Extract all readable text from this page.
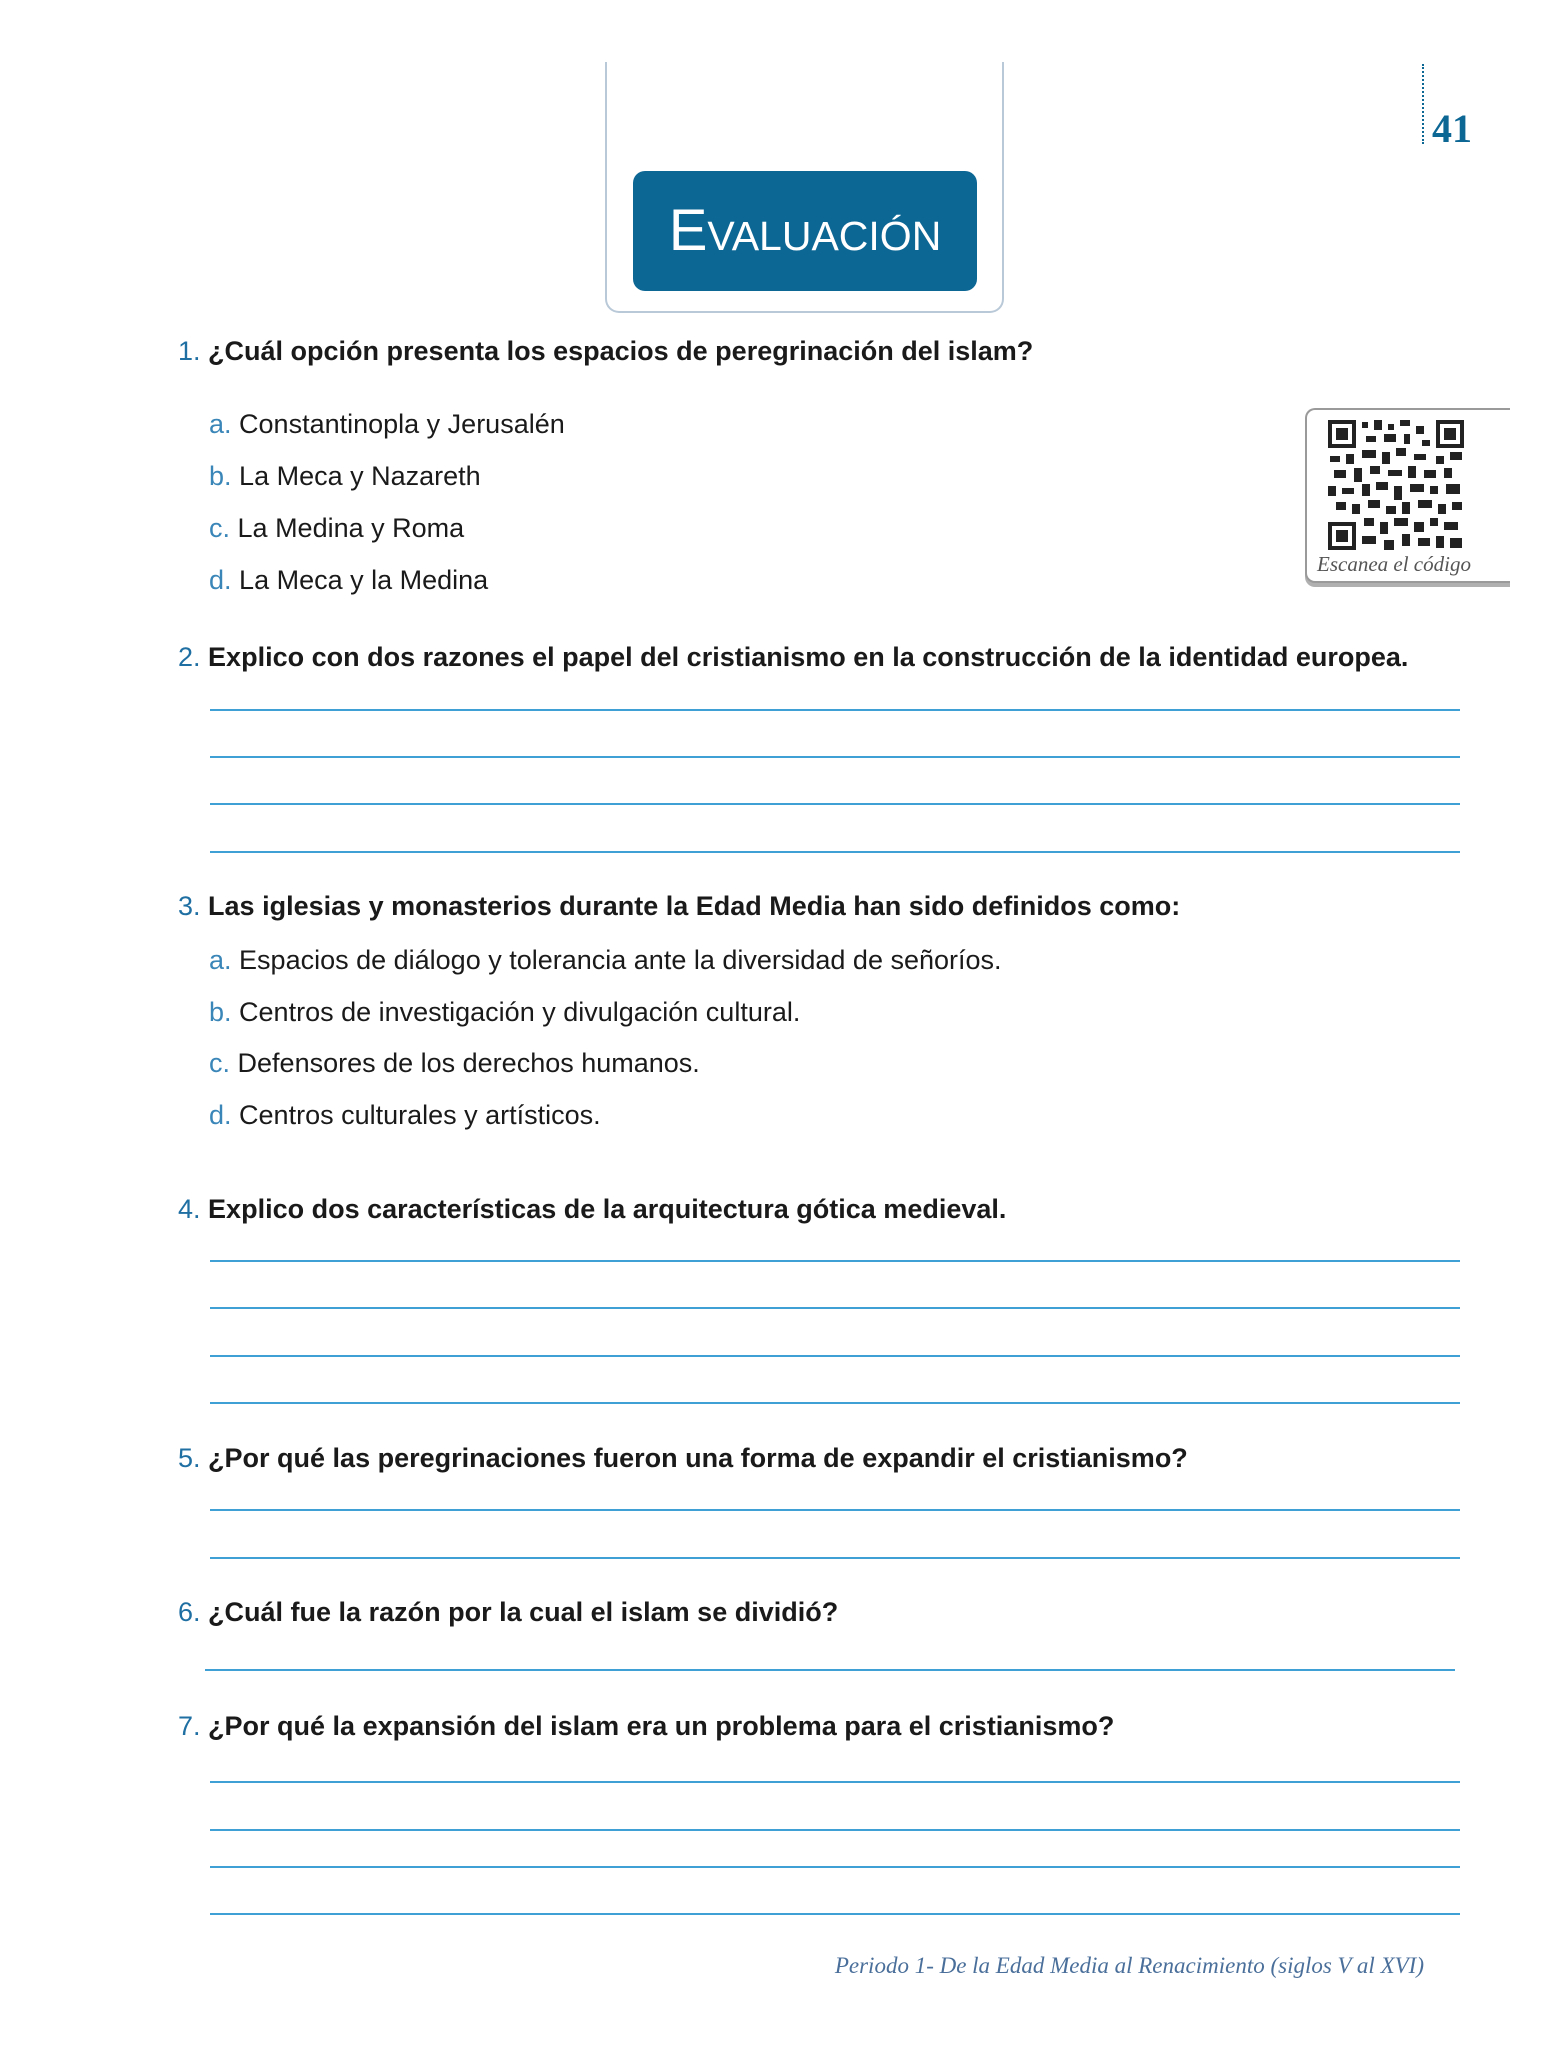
Evaluación
41
Escanea el código
1. ¿Cuál opción presenta los espacios de peregrinación del islam?
a. Constantinopla y Jerusalén
b. La Meca y Nazareth
c. La Medina y Roma
d. La Meca y la Medina
2. Explico con dos razones el papel del cristianismo en la construcción de la identidad europea.
3. Las iglesias y monasterios durante la Edad Media han sido definidos como:
a. Espacios de diálogo y tolerancia ante la diversidad de señoríos.
b. Centros de investigación y divulgación cultural.
c. Defensores de los derechos humanos.
d. Centros culturales y artísticos.
4. Explico dos características de la arquitectura gótica medieval.
5. ¿Por qué las peregrinaciones fueron una forma de expandir el cristianismo?
6. ¿Cuál fue la razón por la cual el islam se dividió?
7. ¿Por qué la expansión del islam era un problema para el cristianismo?
Periodo 1- De la Edad Media al Renacimiento (siglos V al XVI)
